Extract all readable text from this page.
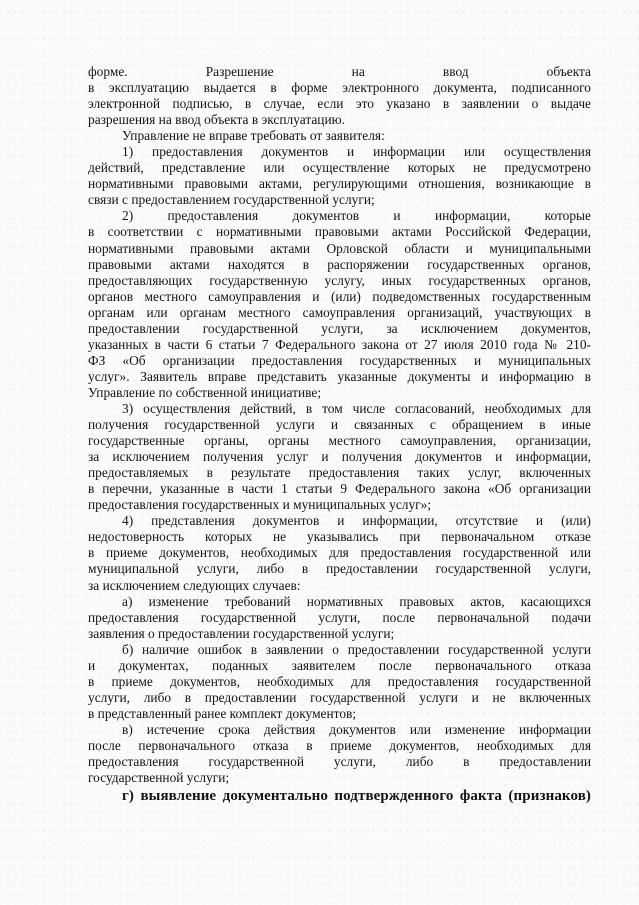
форме. Разрешение на ввод объекта
в эксплуатацию выдается в форме электронного документа, подписанного
электронной подписью, в случае, если это указано в заявлении о выдаче
разрешения на ввод объекта в эксплуатацию.
Управление не вправе требовать от заявителя:
1) предоставления документов и информации или осуществления
действий, представление или осуществление которых не предусмотрено
нормативными правовыми актами, регулирующими отношения, возникающие в
связи с предоставлением государственной услуги;
2) предоставления документов и информации, которые
в соответствии с нормативными правовыми актами Российской Федерации,
нормативными правовыми актами Орловской области и муниципальными
правовыми актами находятся в распоряжении государственных органов,
предоставляющих государственную услугу, иных государственных органов,
органов местного самоуправления и (или) подведомственных государственным
органам или органам местного самоуправления организаций, участвующих в
предоставлении государственной услуги, за исключением документов,
указанных в части 6 статьи 7 Федерального закона от 27 июля 2010 года № 210-
ФЗ «Об организации предоставления государственных и муниципальных
услуг». Заявитель вправе представить указанные документы и информацию в
Управление по собственной инициативе;
3) осуществления действий, в том числе согласований, необходимых для
получения государственной услуги и связанных с обращением в иные
государственные органы, органы местного самоуправления, организации,
за исключением получения услуг и получения документов и информации,
предоставляемых в результате предоставления таких услуг, включенных
в перечни, указанные в части 1 статьи 9 Федерального закона «Об организации
предоставления государственных и муниципальных услуг»;
4) представления документов и информации, отсутствие и (или)
недостоверность которых не указывались при первоначальном отказе
в приеме документов, необходимых для предоставления государственной или
муниципальной услуги, либо в предоставлении государственной услуги,
за исключением следующих случаев:
а) изменение требований нормативных правовых актов, касающихся
предоставления государственной услуги, после первоначальной подачи
заявления о предоставлении государственной услуги;
б) наличие ошибок в заявлении о предоставлении государственной услуги
и документах, поданных заявителем после первоначального отказа
в приеме документов, необходимых для предоставления государственной
услуги, либо в предоставлении государственной услуги и не включенных
в представленный ранее комплект документов;
в) истечение срока действия документов или изменение информации
после первоначального отказа в приеме документов, необходимых для
предоставления государственной услуги, либо в предоставлении
государственной услуги;
г) выявление документально подтвержденного факта (признаков)
